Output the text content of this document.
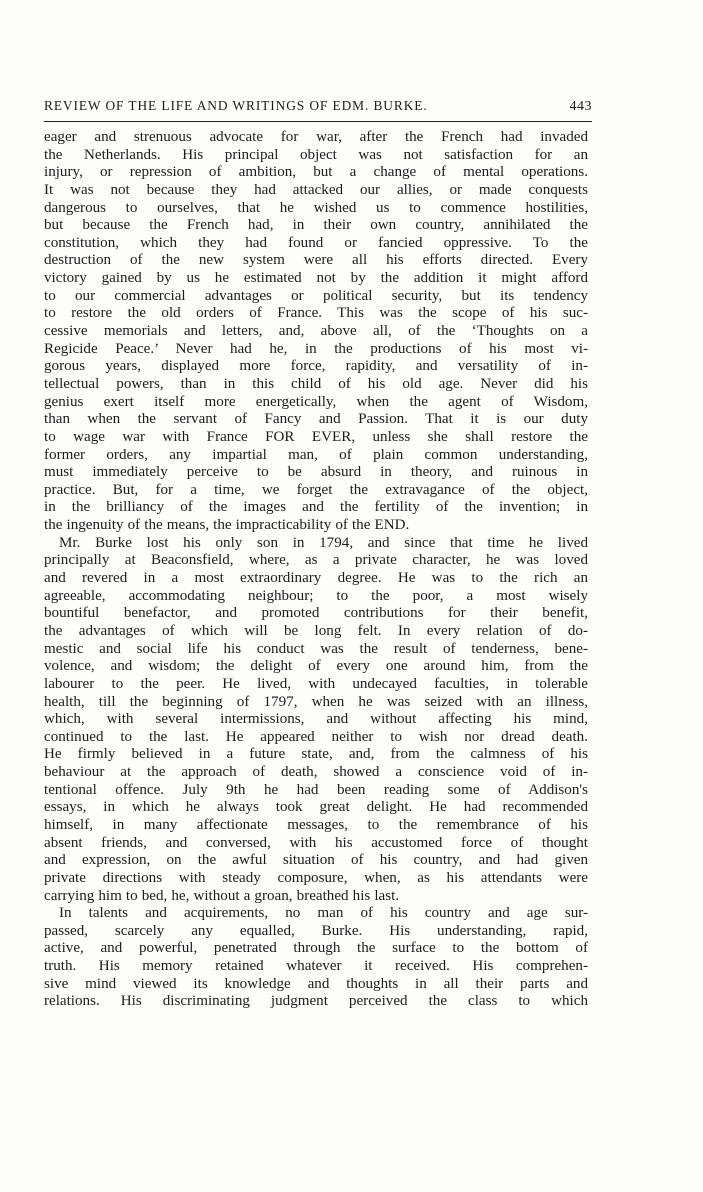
REVIEW OF THE LIFE AND WRITINGS OF EDM. BURKE.	443
eager and strenuous advocate for war, after the French had invaded
the Netherlands. His principal object was not satisfaction for an
injury, or repression of ambition, but a change of mental operations.
It was not because they had attacked our allies, or made conquests
dangerous to ourselves, that he wished us to commence hostilities,
but because the French had, in their own country, annihilated the
constitution, which they had found or fancied oppressive. To the
destruction of the new system were all his efforts directed. Every
victory gained by us he estimated not by the addition it might afford
to our commercial advantages or political security, but its tendency
to restore the old orders of France. This was the scope of his suc-
cessive memorials and letters, and, above all, of the ‘Thoughts on a
Regicide Peace.’ Never had he, in the productions of his most vi-
gorous years, displayed more force, rapidity, and versatility of in-
tellectual powers, than in this child of his old age. Never did his
genius exert itself more energetically, when the agent of Wisdom,
than when the servant of Fancy and Passion. That it is our duty
to wage war with France FOR EVER, unless she shall restore the
former orders, any impartial man, of plain common understanding,
must immediately perceive to be absurd in theory, and ruinous in
practice. But, for a time, we forget the extravagance of the object,
in the brilliancy of the images and the fertility of the invention; in
the ingenuity of the means, the impracticability of the END.
Mr. Burke lost his only son in 1794, and since that time he lived
principally at Beaconsfield, where, as a private character, he was loved
and revered in a most extraordinary degree. He was to the rich an
agreeable, accommodating neighbour; to the poor, a most wisely
bountiful benefactor, and promoted contributions for their benefit,
the advantages of which will be long felt. In every relation of do-
mestic and social life his conduct was the result of tenderness, bene-
volence, and wisdom; the delight of every one around him, from the
labourer to the peer. He lived, with undecayed faculties, in tolerable
health, till the beginning of 1797, when he was seized with an illness,
which, with several intermissions, and without affecting his mind,
continued to the last. He appeared neither to wish nor dread death.
He firmly believed in a future state, and, from the calmness of his
behaviour at the approach of death, showed a conscience void of in-
tentional offence. July 9th he had been reading some of Addison's
essays, in which he always took great delight. He had recommended
himself, in many affectionate messages, to the remembrance of his
absent friends, and conversed, with his accustomed force of thought
and expression, on the awful situation of his country, and had given
private directions with steady composure, when, as his attendants were
carrying him to bed, he, without a groan, breathed his last.
In talents and acquirements, no man of his country and age sur-
passed, scarcely any equalled, Burke. His understanding, rapid,
active, and powerful, penetrated through the surface to the bottom of
truth. His memory retained whatever it received. His comprehen-
sive mind viewed its knowledge and thoughts in all their parts and
relations. His discriminating judgment perceived the class to which
